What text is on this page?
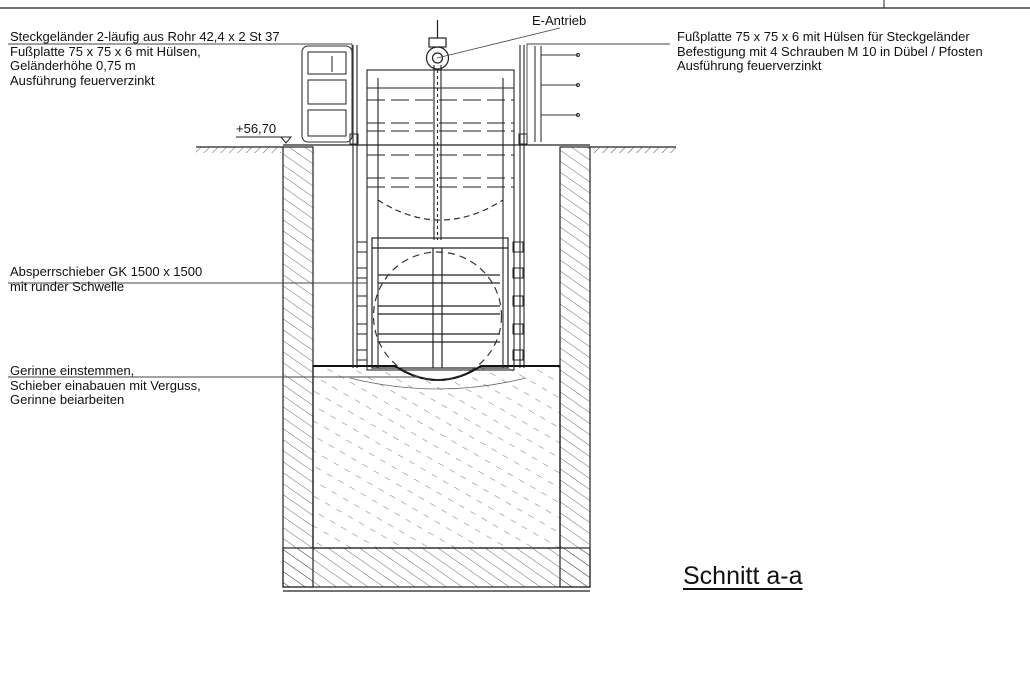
Steckgeländer 2-läufig aus Rohr 42,4 x 2 St 37
Fußplatte 75 x 75 x 6 mit Hülsen,
Geländerhöhe 0,75 m
Ausführung feuerverzinkt
E-Antrieb
Fußplatte 75 x 75 x 6 mit Hülsen für Steckgeländer
Befestigung mit 4 Schrauben M 10 in Dübel / Pfosten
Ausführung feuerverzinkt
+56,70
Absperrschieber GK 1500 x 1500
mit runder Schwelle
Gerinne einstemmen,
Schieber einabauen mit Verguss,
Gerinne beiarbeiten
Schnitt a-a
